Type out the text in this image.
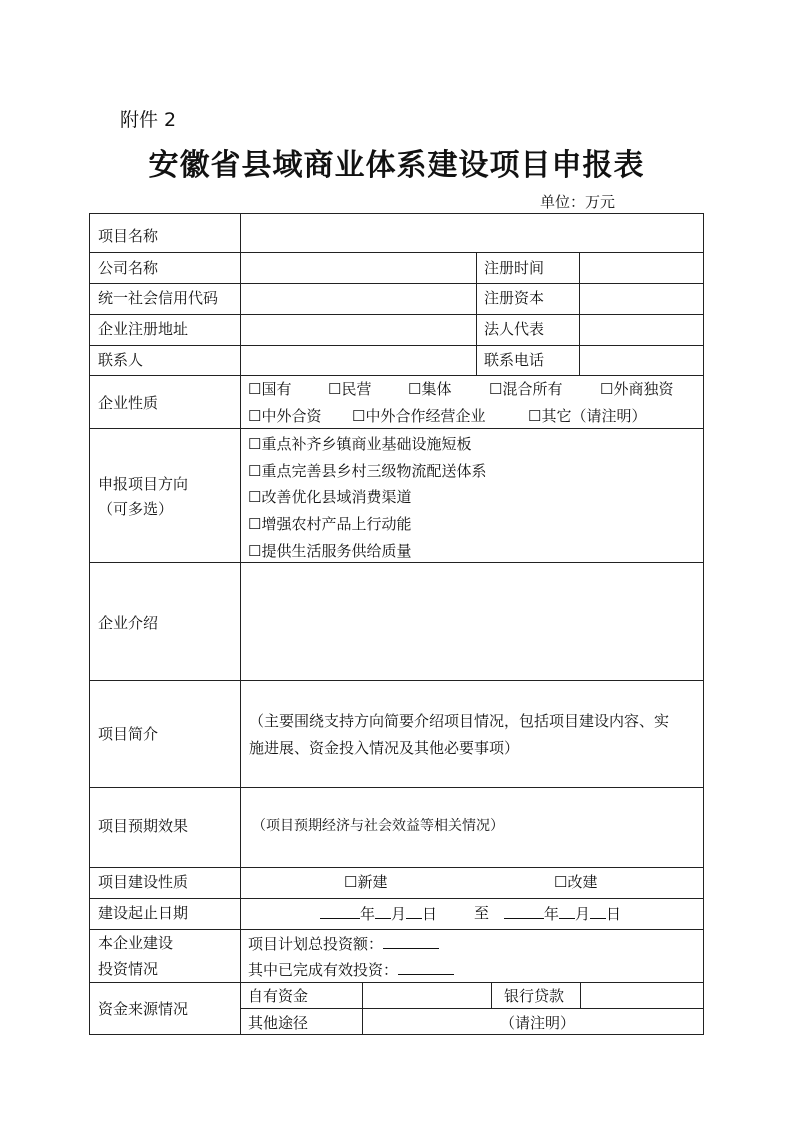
附件 2
安徽省县域商业体系建设项目申报表
单位：万元
项目名称
公司名称	注册时间
统一社会信用代码	注册资本
企业注册地址	法人代表
联系人	联系电话
企业性质
☐国有 ☐民营 ☐集体	☐混合所有	☐外商独资
☐中外合资 ☐中外合作经营企业	☐其它（请注明）
申报项目方向
（可多选）
☐重点补齐乡镇商业基础设施短板
☐重点完善县乡村三级物流配送体系
☐改善优化县域消费渠道
☐增强农村产品上行动能
☐提供生活服务供给质量
企业介绍
项目简介
（主要围绕支持方向简要介绍项目情况，包括项目建设内容、实
施进展、资金投入情况及其他必要事项）
项目预期效果	（项目预期经济与社会效益等相关情况）
项目建设性质	☐新建	☐改建
建设起止日期	年 月 日 至	年 月 日
本企业建设
投资情况
项目计划总投资额：
其中已完成有效投资：
资金来源情况
自有资金	银行贷款
其他途径	（请注明）
